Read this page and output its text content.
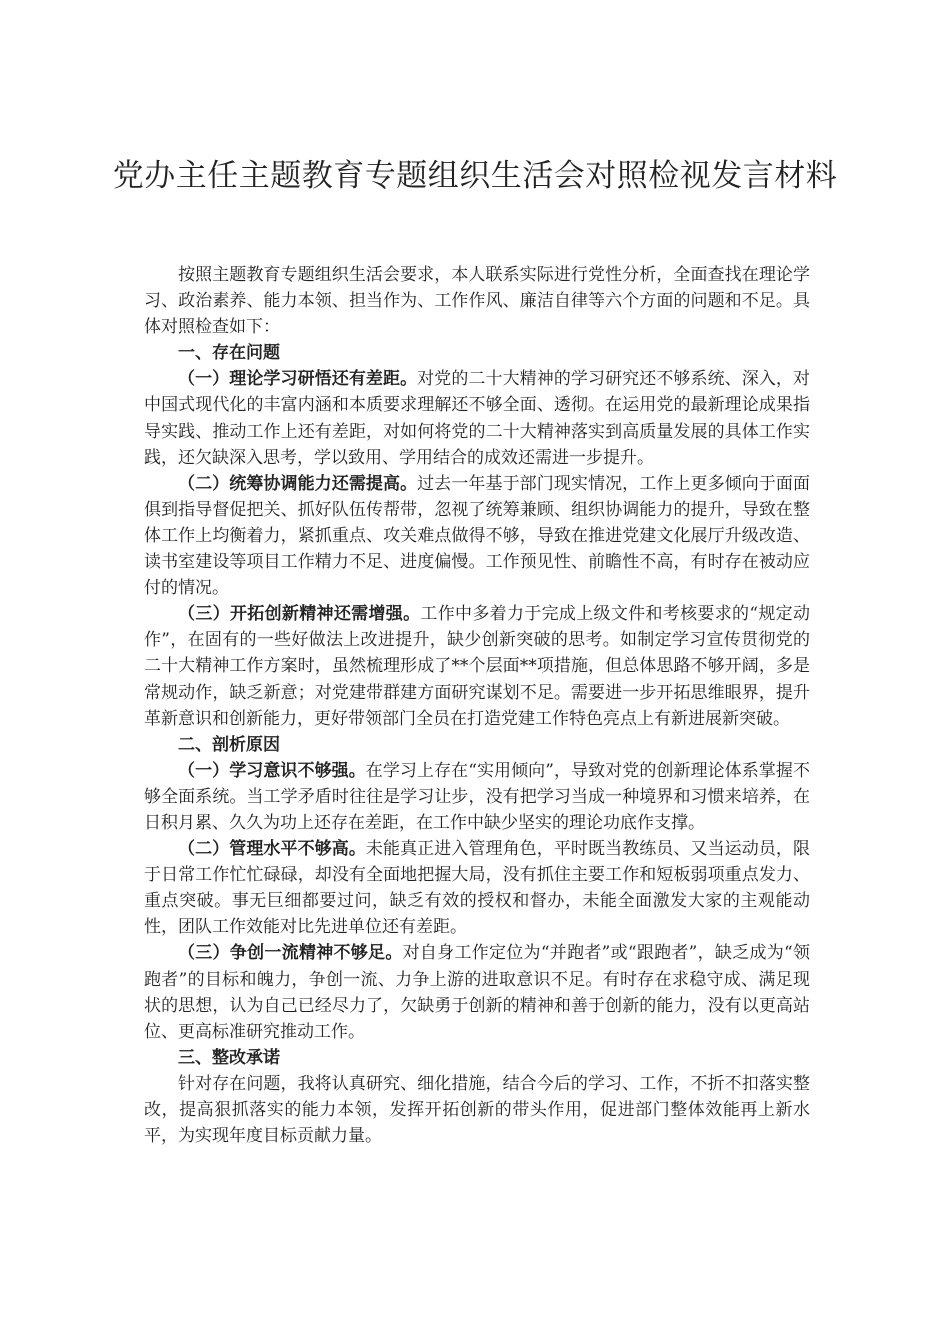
党办主任主题教育专题组织生活会对照检视发言材料

按照主题教育专题组织生活会要求，本人联系实际进行党性分析，全面查找在理论学习、政治素养、能力本领、担当作为、工作作风、廉洁自律等六个方面的问题和不足。具体对照检查如下：

一、存在问题

（一）理论学习研悟还有差距。对党的二十大精神的学习研究还不够系统、深入，对中国式现代化的丰富内涵和本质要求理解还不够全面、透彻。在运用党的最新理论成果指导实践、推动工作上还有差距，对如何将党的二十大精神落实到高质量发展的具体工作实践，还欠缺深入思考，学以致用、学用结合的成效还需进一步提升。

（二）统筹协调能力还需提高。过去一年基于部门现实情况，工作上更多倾向于面面俱到指导督促把关、抓好队伍传帮带，忽视了统筹兼顾、组织协调能力的提升，导致在整体工作上均衡着力，紧抓重点、攻关难点做得不够，导致在推进党建文化展厅升级改造、读书室建设等项目工作精力不足、进度偏慢。工作预见性、前瞻性不高，有时存在被动应付的情况。

（三）开拓创新精神还需增强。工作中多着力于完成上级文件和考核要求的“规定动作”，在固有的一些好做法上改进提升，缺少创新突破的思考。如制定学习宣传贯彻党的二十大精神工作方案时，虽然梳理形成了**个层面**项措施，但总体思路不够开阔，多是常规动作，缺乏新意；对党建带群建方面研究谋划不足。需要进一步开拓思维眼界，提升革新意识和创新能力，更好带领部门全员在打造党建工作特色亮点上有新进展新突破。

二、剖析原因

（一）学习意识不够强。在学习上存在“实用倾向”，导致对党的创新理论体系掌握不够全面系统。当工学矛盾时往往是学习让步，没有把学习当成一种境界和习惯来培养，在日积月累、久久为功上还存在差距，在工作中缺少坚实的理论功底作支撑。

（二）管理水平不够高。未能真正进入管理角色，平时既当教练员、又当运动员，限于日常工作忙忙碌碌，却没有全面地把握大局，没有抓住主要工作和短板弱项重点发力、重点突破。事无巨细都要过问，缺乏有效的授权和督办，未能全面激发大家的主观能动性，团队工作效能对比先进单位还有差距。

（三）争创一流精神不够足。对自身工作定位为“并跑者”或“跟跑者”，缺乏成为“领跑者”的目标和魄力，争创一流、力争上游的进取意识不足。有时存在求稳守成、满足现状的思想，认为自己已经尽力了，欠缺勇于创新的精神和善于创新的能力，没有以更高站位、更高标准研究推动工作。

三、整改承诺

针对存在问题，我将认真研究、细化措施，结合今后的学习、工作，不折不扣落实整改，提高狠抓落实的能力本领，发挥开拓创新的带头作用，促进部门整体效能再上新水平，为实现年度目标贡献力量。
